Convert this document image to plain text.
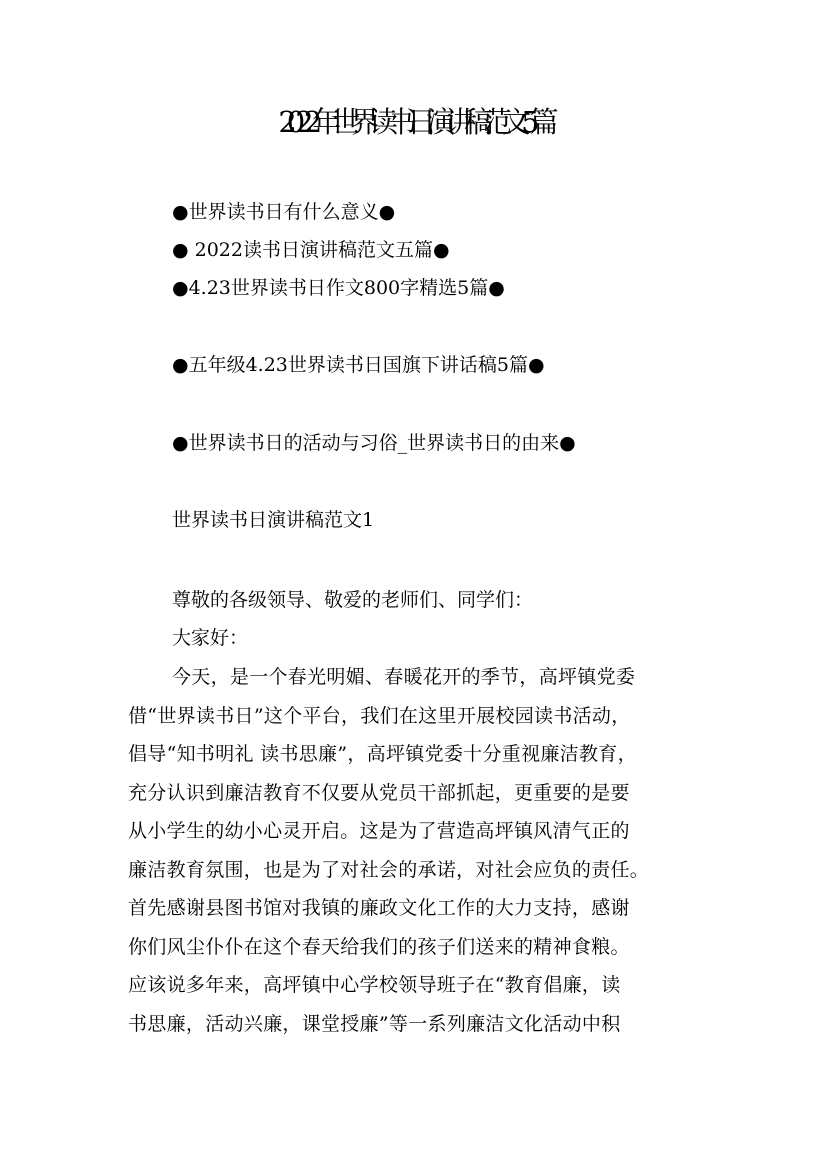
2022年世界读书日演讲稿范文5篇
●世界读书日有什么意义●
● 2022读书日演讲稿范文五篇●
●4.23世界读书日作文800字精选5篇●
●五年级4.23世界读书日国旗下讲话稿5篇●
●世界读书日的活动与习俗_世界读书日的由来●
世界读书日演讲稿范文1
尊敬的各级领导、敬爱的老师们、同学们：
大家好：
今天，是一个春光明媚、春暖花开的季节，高坪镇党委
借“世界读书日”这个平台，我们在这里开展校园读书活动，
倡导“知书明礼 读书思廉”，高坪镇党委十分重视廉洁教育，
充分认识到廉洁教育不仅要从党员干部抓起，更重要的是要
从小学生的幼小心灵开启。这是为了营造高坪镇风清气正的
廉洁教育氛围，也是为了对社会的承诺，对社会应负的责任。
首先感谢县图书馆对我镇的廉政文化工作的大力支持，感谢
你们风尘仆仆在这个春天给我们的孩子们送来的精神食粮。
应该说多年来，高坪镇中心学校领导班子在“教育倡廉，读
书思廉，活动兴廉，课堂授廉”等一系列廉洁文化活动中积
